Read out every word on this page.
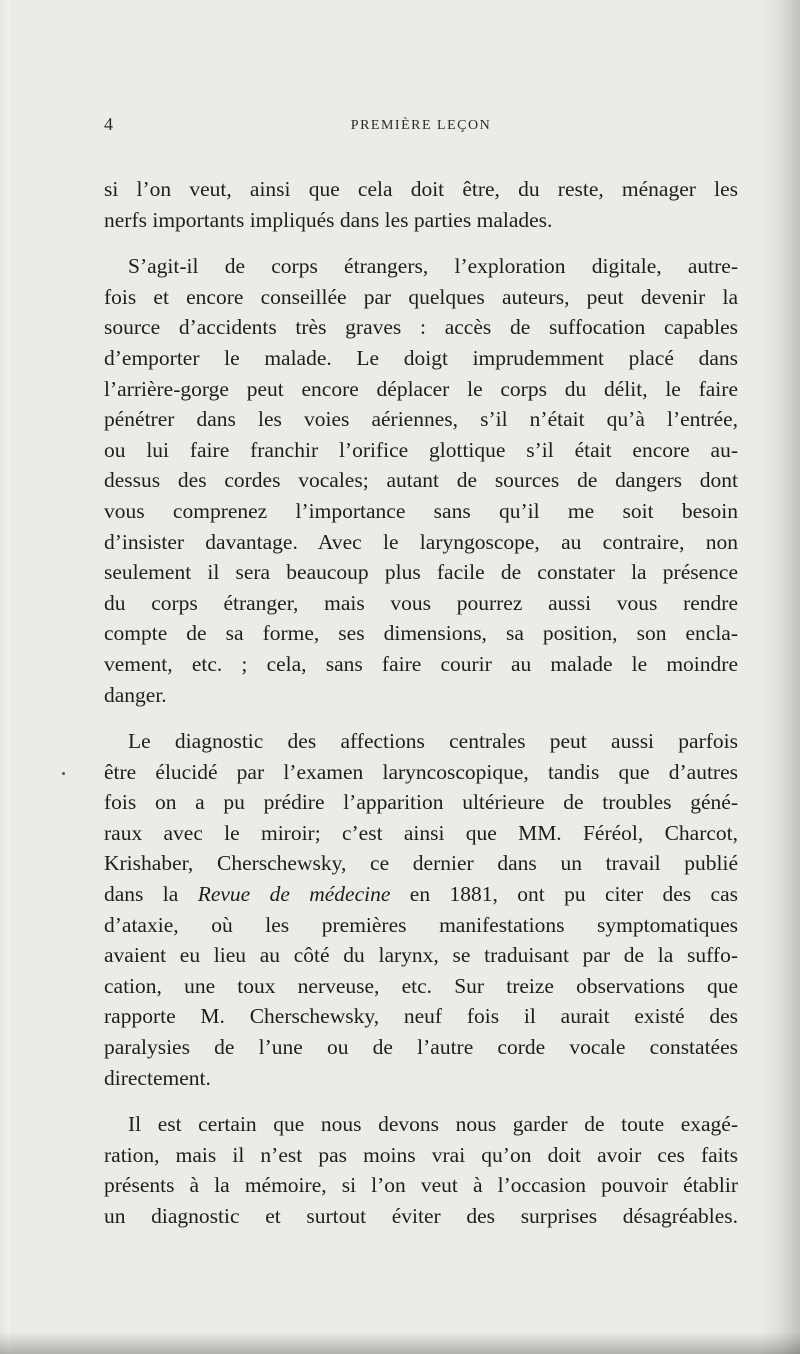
4	PREMIÈRE LEÇON

si l’on veut, ainsi que cela doit être, du reste, ménager les
nerfs importants impliqués dans les parties malades.

S’agit-il de corps étrangers, l’exploration digitale, autre-
fois et encore conseillée par quelques auteurs, peut devenir la
source d’accidents très graves : accès de suffocation capables
d’emporter le malade. Le doigt imprudemment placé dans
l’arrière-gorge peut encore déplacer le corps du délit, le faire
pénétrer dans les voies aériennes, s’il n’était qu’à l’entrée,
ou lui faire franchir l’orifice glottique s’il était encore au-
dessus des cordes vocales; autant de sources de dangers dont
vous comprenez l’importance sans qu’il me soit besoin
d’insister davantage. Avec le laryngoscope, au contraire, non
seulement il sera beaucoup plus facile de constater la présence
du corps étranger, mais vous pourrez aussi vous rendre
compte de sa forme, ses dimensions, sa position, son encla-
vement, etc. ; cela, sans faire courir au malade le moindre
danger.

Le diagnostic des affections centrales peut aussi parfois
être élucidé par l’examen laryncoscopique, tandis que d’autres
fois on a pu prédire l’apparition ultérieure de troubles géné-
raux avec le miroir; c’est ainsi que MM. Féréol, Charcot,
Krishaber, Cherschewsky, ce dernier dans un travail publié
dans la Revue de médecine en 1881, ont pu citer des cas
d’ataxie, où les premières manifestations symptomatiques
avaient eu lieu au côté du larynx, se traduisant par de la suffo-
cation, une toux nerveuse, etc. Sur treize observations que
rapporte M. Cherschewsky, neuf fois il aurait existé des
paralysies de l’une ou de l’autre corde vocale constatées
directement.

Il est certain que nous devons nous garder de toute exagé-
ration, mais il n’est pas moins vrai qu’on doit avoir ces faits
présents à la mémoire, si l’on veut à l’occasion pouvoir établir
un diagnostic et surtout éviter des surprises désagréables.
